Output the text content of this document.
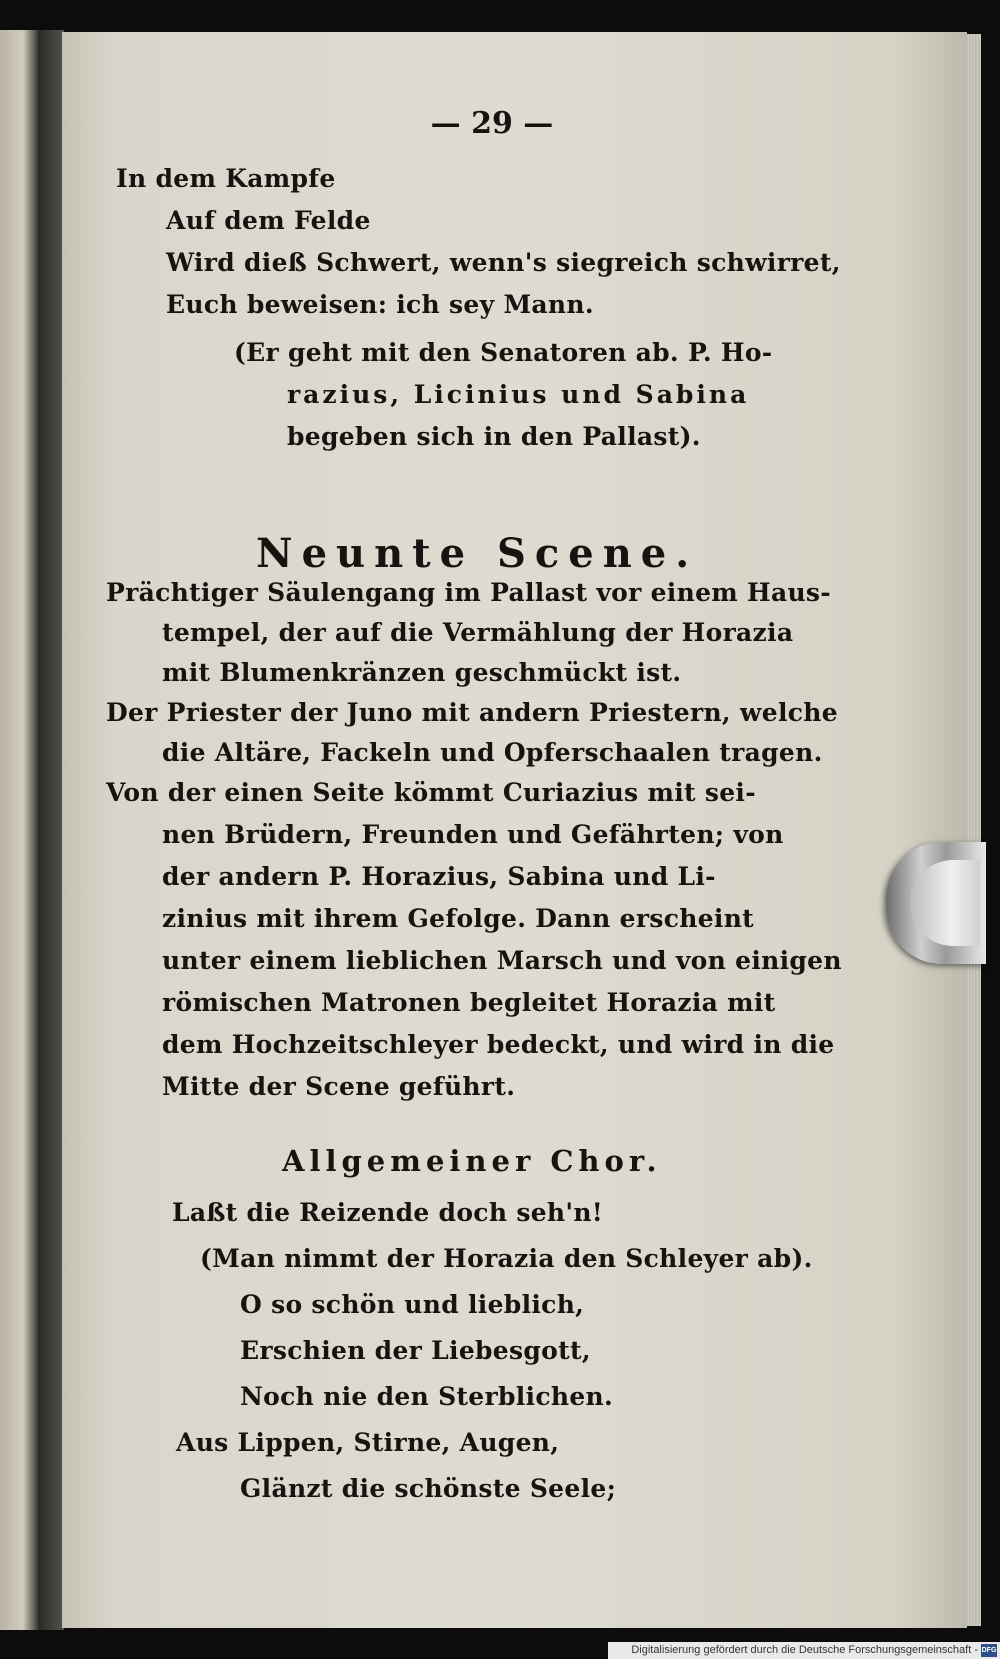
— 29 —
In dem Kampfe
Auf dem Felde
Wird dieß Schwert, wenn's siegreich schwirret,
Euch beweisen: ich sey Mann.
(Er geht mit den Senatoren ab. P. Ho-
razius, Licinius und Sabina
begeben sich in den Pallast).
Neunte Scene.
Prächtiger Säulengang im Pallast vor einem Haus-
tempel, der auf die Vermählung der Horazia
mit Blumenkränzen geschmückt ist.
Der Priester der Juno mit andern Priestern, welche
die Altäre, Fackeln und Opferschaalen tragen.
Von der einen Seite kömmt Curiazius mit sei-
nen Brüdern, Freunden und Gefährten; von
der andern P. Horazius, Sabina und Li-
zinius mit ihrem Gefolge. Dann erscheint
unter einem lieblichen Marsch und von einigen
römischen Matronen begleitet Horazia mit
dem Hochzeitschleyer bedeckt, und wird in die
Mitte der Scene geführt.
Allgemeiner Chor.
Laßt die Reizende doch seh'n!
(Man nimmt der Horazia den Schleyer ab).
O so schön und lieblich,
Erschien der Liebesgott,
Noch nie den Sterblichen.
Aus Lippen, Stirne, Augen,
Glänzt die schönste Seele;
Digitalisierung gefördert durch die Deutsche Forschungsgemeinschaft - DFG
